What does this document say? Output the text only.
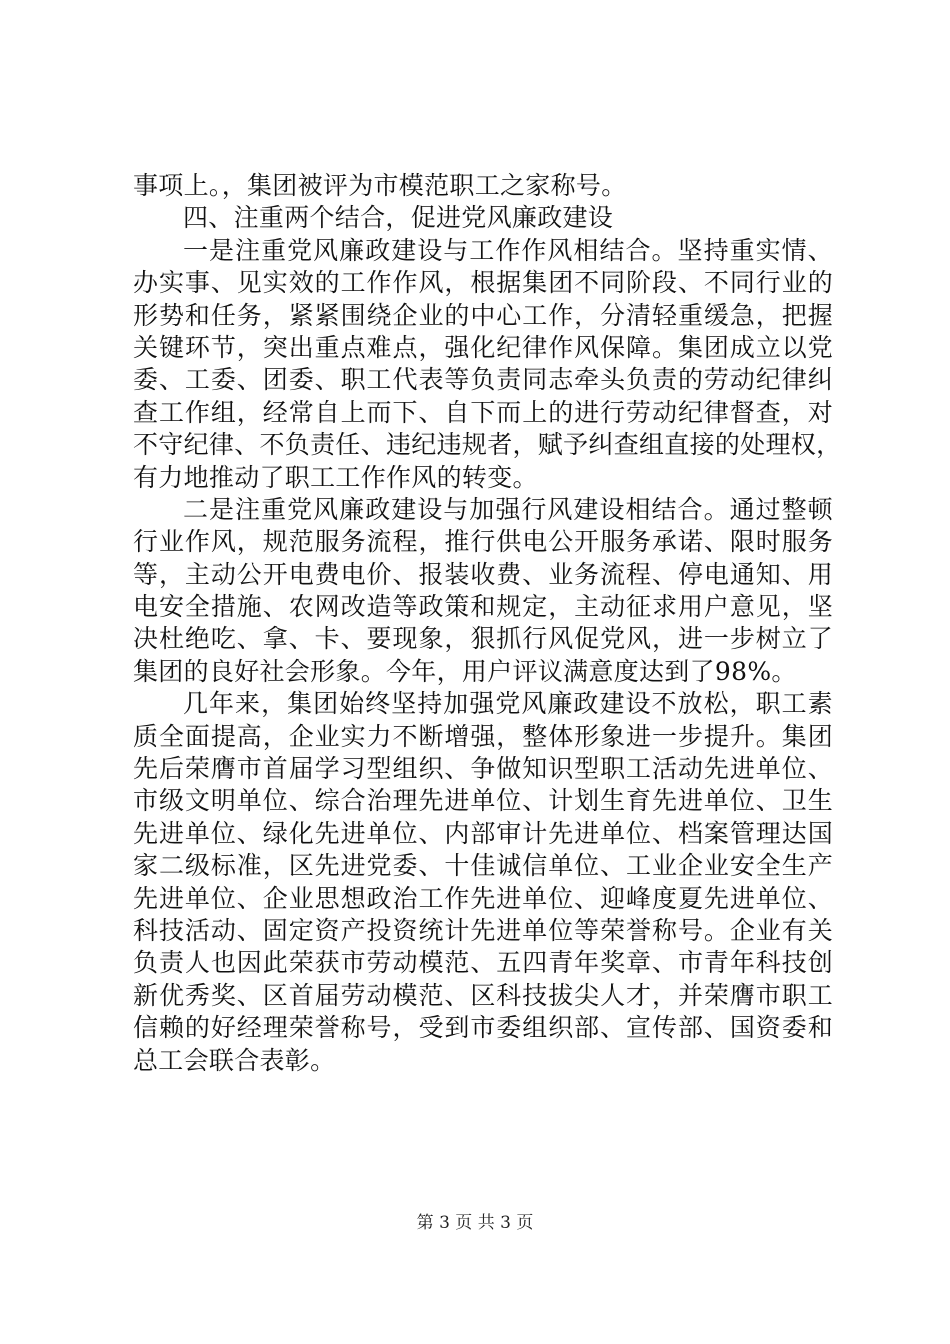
事项上。，集团被评为市模范职工之家称号。
四、注重两个结合，促进党风廉政建设
一是注重党风廉政建设与工作作风相结合。坚持重实情、
办实事、见实效的工作作风，根据集团不同阶段、不同行业的
形势和任务，紧紧围绕企业的中心工作，分清轻重缓急，把握
关键环节，突出重点难点，强化纪律作风保障。集团成立以党
委、工委、团委、职工代表等负责同志牵头负责的劳动纪律纠
查工作组，经常自上而下、自下而上的进行劳动纪律督查，对
不守纪律、不负责任、违纪违规者，赋予纠查组直接的处理权，
有力地推动了职工工作作风的转变。
二是注重党风廉政建设与加强行风建设相结合。通过整顿
行业作风，规范服务流程，推行供电公开服务承诺、限时服务
等，主动公开电费电价、报装收费、业务流程、停电通知、用
电安全措施、农网改造等政策和规定，主动征求用户意见，坚
决杜绝吃、拿、卡、要现象，狠抓行风促党风，进一步树立了
集团的良好社会形象。今年，用户评议满意度达到了98%。
几年来，集团始终坚持加强党风廉政建设不放松，职工素
质全面提高，企业实力不断增强，整体形象进一步提升。集团
先后荣膺市首届学习型组织、争做知识型职工活动先进单位、
市级文明单位、综合治理先进单位、计划生育先进单位、卫生
先进单位、绿化先进单位、内部审计先进单位、档案管理达国
家二级标准，区先进党委、十佳诚信单位、工业企业安全生产
先进单位、企业思想政治工作先进单位、迎峰度夏先进单位、
科技活动、固定资产投资统计先进单位等荣誉称号。企业有关
负责人也因此荣获市劳动模范、五四青年奖章、市青年科技创
新优秀奖、区首届劳动模范、区科技拔尖人才，并荣膺市职工
信赖的好经理荣誉称号，受到市委组织部、宣传部、国资委和
总工会联合表彰。
第 3 页 共 3 页
